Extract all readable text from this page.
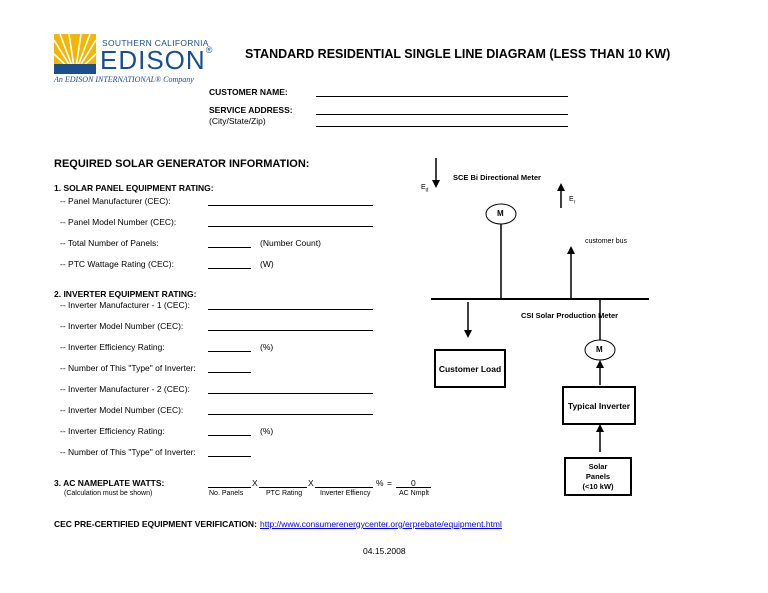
SOUTHERN CALIFORNIA
EDISON®
An EDISON INTERNATIONAL® Company
STANDARD RESIDENTIAL SINGLE LINE DIAGRAM (LESS THAN 10 KW)
CUSTOMER NAME:
SERVICE ADDRESS:
(City/State/Zip)
REQUIRED SOLAR GENERATOR INFORMATION:
1. SOLAR PANEL EQUIPMENT RATING:
-- Panel Manufacturer (CEC):
-- Panel Model Number (CEC):
-- Total Number of Panels:	(Number Count)
-- PTC Wattage Rating (CEC):	(W)
2. INVERTER EQUIPMENT RATING:
-- Inverter Manufacturer - 1 (CEC):
-- Inverter Model Number (CEC):
-- Inverter Efficiency Rating:	(%)
-- Number of This "Type" of Inverter:
-- Inverter Manufacturer - 2 (CEC):
-- Inverter Model Number (CEC):
-- Inverter Efficiency Rating:	(%)
-- Number of This "Type" of Inverter:
3. AC NAMEPLATE WATTS:
(Calculation must be shown)
X	X	% = 0
No. Panels	PTC Rating	Inverter Effiency	AC Nmplt
CEC PRE-CERTIFIED EQUIPMENT VERIFICATION: http://www.consumerenergycenter.org/erprebate/equipment.html
04.15.2008
SCE Bi Directional Meter
$E_d$
$E_r$
M
customer bus
CSI Solar Production Meter
M
Customer Load
Typical Inverter
Solar
Panels
(<10 kW)
